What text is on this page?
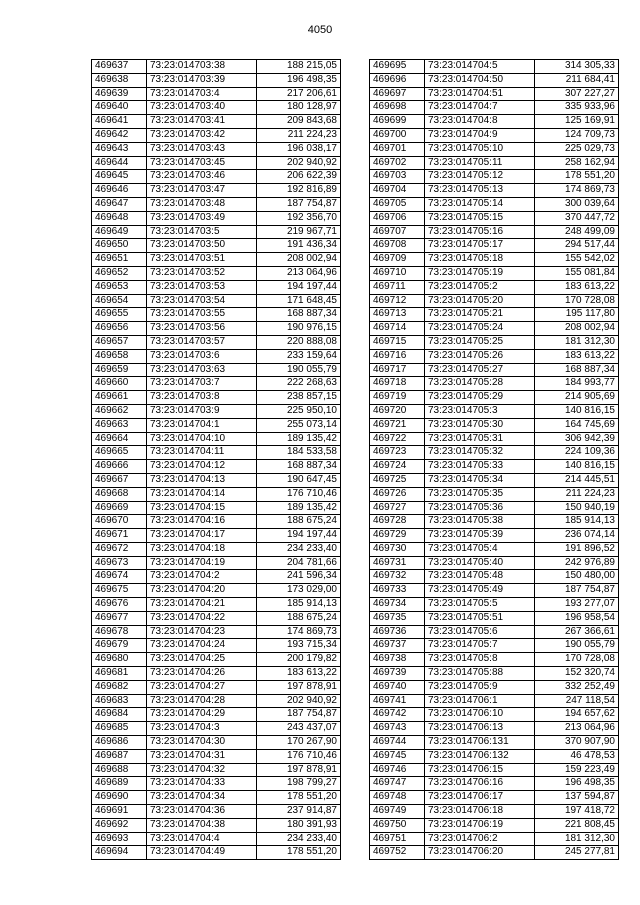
4050
469637	73:23:014703:38	188 215,05
469638	73:23:014703:39	196 498,35
469639	73:23:014703:4	217 206,61
469640	73:23:014703:40	180 128,97
469641	73:23:014703:41	209 843,68
469642	73:23:014703:42	211 224,23
469643	73:23:014703:43	196 038,17
469644	73:23:014703:45	202 940,92
469645	73:23:014703:46	206 622,39
469646	73:23:014703:47	192 816,89
469647	73:23:014703:48	187 754,87
469648	73:23:014703:49	192 356,70
469649	73:23:014703:5	219 967,71
469650	73:23:014703:50	191 436,34
469651	73:23:014703:51	208 002,94
469652	73:23:014703:52	213 064,96
469653	73:23:014703:53	194 197,44
469654	73:23:014703:54	171 648,45
469655	73:23:014703:55	168 887,34
469656	73:23:014703:56	190 976,15
469657	73:23:014703:57	220 888,08
469658	73:23:014703:6	233 159,64
469659	73:23:014703:63	190 055,79
469660	73:23:014703:7	222 268,63
469661	73:23:014703:8	238 857,15
469662	73:23:014703:9	225 950,10
469663	73:23:014704:1	255 073,14
469664	73:23:014704:10	189 135,42
469665	73:23:014704:11	184 533,58
469666	73:23:014704:12	168 887,34
469667	73:23:014704:13	190 647,45
469668	73:23:014704:14	176 710,46
469669	73:23:014704:15	189 135,42
469670	73:23:014704:16	188 675,24
469671	73:23:014704:17	194 197,44
469672	73:23:014704:18	234 233,40
469673	73:23:014704:19	204 781,66
469674	73:23:014704:2	241 596,34
469675	73:23:014704:20	173 029,00
469676	73:23:014704:21	185 914,13
469677	73:23:014704:22	188 675,24
469678	73:23:014704:23	174 869,73
469679	73:23:014704:24	193 715,34
469680	73:23:014704:25	200 179,82
469681	73:23:014704:26	183 613,22
469682	73:23:014704:27	197 878,91
469683	73:23:014704:28	202 940,92
469684	73:23:014704:29	187 754,87
469685	73:23:014704:3	243 437,07
469686	73:23:014704:30	170 267,90
469687	73:23:014704:31	176 710,46
469688	73:23:014704:32	197 878,91
469689	73:23:014704:33	198 799,27
469690	73:23:014704:34	178 551,20
469691	73:23:014704:36	237 914,87
469692	73:23:014704:38	180 391,93
469693	73:23:014704:4	234 233,40
469694	73:23:014704:49	178 551,20
469695	73:23:014704:5	314 305,33
469696	73:23:014704:50	211 684,41
469697	73:23:014704:51	307 227,27
469698	73:23:014704:7	335 933,96
469699	73:23:014704:8	125 169,91
469700	73:23:014704:9	124 709,73
469701	73:23:014705:10	225 029,73
469702	73:23:014705:11	258 162,94
469703	73:23:014705:12	178 551,20
469704	73:23:014705:13	174 869,73
469705	73:23:014705:14	300 039,64
469706	73:23:014705:15	370 447,72
469707	73:23:014705:16	248 499,09
469708	73:23:014705:17	294 517,44
469709	73:23:014705:18	155 542,02
469710	73:23:014705:19	155 081,84
469711	73:23:014705:2	183 613,22
469712	73:23:014705:20	170 728,08
469713	73:23:014705:21	195 117,80
469714	73:23:014705:24	208 002,94
469715	73:23:014705:25	181 312,30
469716	73:23:014705:26	183 613,22
469717	73:23:014705:27	168 887,34
469718	73:23:014705:28	184 993,77
469719	73:23:014705:29	214 905,69
469720	73:23:014705:3	140 816,15
469721	73:23:014705:30	164 745,69
469722	73:23:014705:31	306 942,39
469723	73:23:014705:32	224 109,36
469724	73:23:014705:33	140 816,15
469725	73:23:014705:34	214 445,51
469726	73:23:014705:35	211 224,23
469727	73:23:014705:36	150 940,19
469728	73:23:014705:38	185 914,13
469729	73:23:014705:39	236 074,14
469730	73:23:014705:4	191 896,52
469731	73:23:014705:40	242 976,89
469732	73:23:014705:48	150 480,00
469733	73:23:014705:49	187 754,87
469734	73:23:014705:5	193 277,07
469735	73:23:014705:51	196 958,54
469736	73:23:014705:6	267 366,61
469737	73:23:014705:7	190 055,79
469738	73:23:014705:8	170 728,08
469739	73:23:014705:88	152 320,74
469740	73:23:014705:9	332 252,49
469741	73:23:014706:1	247 118,54
469742	73:23:014706:10	194 657,62
469743	73:23:014706:13	213 064,96
469744	73:23:014706:131	370 907,90
469745	73:23:014706:132	46 478,53
469746	73:23:014706:15	159 223,49
469747	73:23:014706:16	196 498,35
469748	73:23:014706:17	137 594,87
469749	73:23:014706:18	197 418,72
469750	73:23:014706:19	221 808,45
469751	73:23:014706:2	181 312,30
469752	73:23:014706:20	245 277,81
